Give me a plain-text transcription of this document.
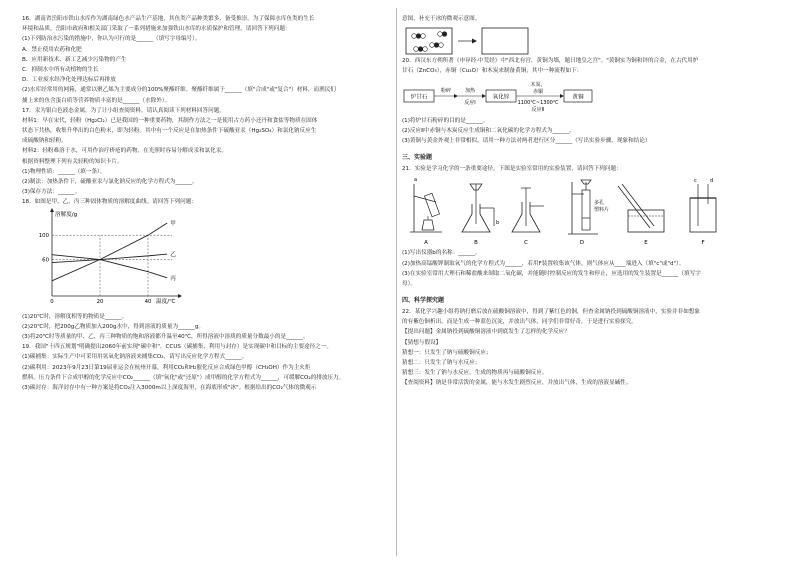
16．湖南省岳阳市铁山水库作为湖南绿色水产品生产基地，其鱼类产品种类繁多、备受推崇。为了保障水库鱼类的生长
环境和品质，岳阳市政府和相关部门采取了一系列措施来加强铁山水库的水质保护和管理。请回答下列问题：
(1)下列防治水污染的措施中，你认为可行的是______（填写字母编号）。
A．禁止使用农药和化肥
B．应用新技术、新工艺减少污染物的产生
C．抑制水中所有动植物的生长
D．工业废水经净化处理达标后再排放
(2)水库经常用的网箱，通常以聚乙烯为主要成分的100%聚酯纤维。聚酯纤维属于______（填"合成"或"复合"）材料，而渔民们
捕上来的鱼含蛋白质等营养物质丰富的是______（水除外）。
17．汞为银白色液态金属，为了让小组查阅资料，请认真阅读下列材料回答问题。
材料1：早在宋代，轻粉（Hg₂Cl₂）已是我国的一种重要药物，其制作方法之一是使用古方药小还丹和食盐等物质在固体
状态下共热，收集升华出的白色粉末，即为轻粉。其中有一个反应是在加热条件下硫酸亚汞（Hg₂SO₄）和氯化钠反应生
成硫酸钠和轻粉。
材料2：轻粉难溶于水，可用作治疗疥疮的药物，在光照时容易分解成汞和氯化汞。
根据资料整理下列有关轻粉的知识卡片。
(1)物理性质：______（填一条）。
(2)制法：加热条件下，硫酸亚汞与氯化钠反应的化学方程式为______。
(3)保存方法：______。
18．如图是甲、乙、丙三种固体物质的溶解度曲线。请回答下列问题：
100
60
0	20	40
溶解度/g
温度/℃
甲
乙
丙
(1)20℃时，溶解度相等的物质是______。
(2)20℃时，把200g乙物质加入200g水中，得到溶液的质量为______g。
(3)将20℃时等质量的甲、乙、丙三种物质的饱和溶液都升温至40℃，所得溶液中溶质的质量分数最小的是______。
19．我国"十四五规划"明确提出2060年前实现"碳中和"。CCUS（碳捕集、利用与封存）是实现碳中和目标的主要途径之一。
(1)碳捕集：实际生产中可采用用氢氧化钠溶液来捕集CO₂，请写出反应化学方程式______。
(2)碳利用：2023年9月23日第19届亚运会在杭州开幕，利用CO₂和H₂催化反应合成绿色甲醇（CH₃OH）作为主火炬
燃料。压力条件下合成甲醇的化学反应中CO₂______（填"氧化"或"还原"）成甲醇的化学方程式为______，可缓解CO₂的排放压力。
(3)碳封存：海洋封存中有一种方案是将CO₂注入3000m以上深度海里，在海底形成"冰"。根据给出的CO₂气体的微观示
意图，补充于冰的微观示意图。
20．西汉东方朔所著《申异经·中荒经》中"西北有宫，黄铜为墙，题曰地皇之宫"。"黄铜实为铜和锌的合金，在古代用炉
甘石（ZnCO₃），赤铜（Cu₂O）和木炭来制备黄铜，其中一种流程如下：
炉甘石
粉碎	加热
反应I
氧化锌
木炭、
赤铜
1100℃~1300℃
反应II
黄铜
(1)将炉甘石粉碎的目的是______。
(2)反应Ⅱ中赤铜与木炭反应生成铜和二氧化碳的化学方程式为______。
(3)黄铜与黄金外观上非常相似，请用一种方法对两者进行区分______（写出实验步骤、现象和结论）
三、实验题
21．实验是学习化学的一条重要途径。下图是实验室常用的实验装置，请回答下列问题：
a
b
多孔
塑料片
c	d
A	B	C	D	E	F
(1)写出仪器b的名称：______。
(2)加热高锰酸钾制取氧气的化学方程式为______，若用F装置收集该气体，则气体应从____端进入（填"c"或"d"）。
(3)在实验室常用大理石和稀盐酸来制取二氧化碳，并能随时控制反应的发生和停止，应选用的发生装置是______（填写字
母）。
四、科学探究题
22．某化学兴趣小组将钠打磨后放在硫酸铜溶液中，得到了紫红色的铜，但查金属钠投到硫酸铜溶液中，实验并非如想象
的有紫色铜析出，而是生成一种蓝色沉淀，并放出气体，同学们非常好奇，于是进行实验探究。
【提出问题】金属钠投到硫酸铜溶液中到底发生了怎样的化学反应？
【猜想与假设】
猜想一：只发生了钠与硫酸铜反应；
猜想二：只发生了钠与水反应；
猜想三：发生了钠与水反应，生成的物质再与硫酸铜反应。
【查阅资料】钠是非常活泼的金属，能与水发生剧烈反应，并放出气体，生成的溶液显碱性。
